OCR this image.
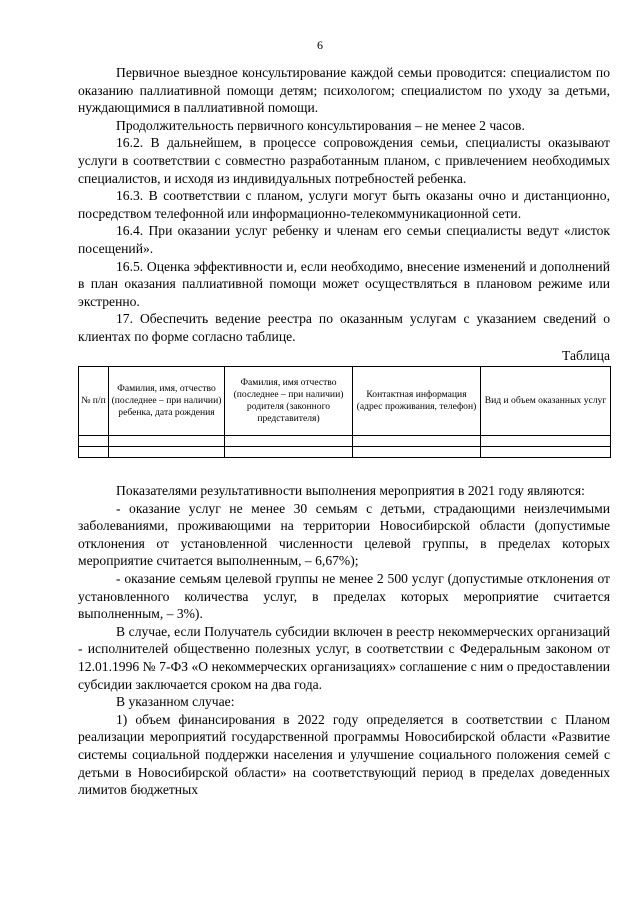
6

Первичное выездное консультирование каждой семьи проводится: специалистом по оказанию паллиативной помощи детям; психологом; специалистом по уходу за детьми, нуждающимися в паллиативной помощи.

Продолжительность первичного консультирования – не менее 2 часов.

16.2. В дальнейшем, в процессе сопровождения семьи, специалисты оказывают услуги в соответствии с совместно разработанным планом, с привлечением необходимых специалистов, и исходя из индивидуальных потребностей ребенка.

16.3. В соответствии с планом, услуги могут быть оказаны очно и дистанционно, посредством телефонной или информационно-телекоммуникационной сети.

16.4. При оказании услуг ребенку и членам его семьи специалисты ведут «листок посещений».

16.5. Оценка эффективности и, если необходимо, внесение изменений и дополнений в план оказания паллиативной помощи может осуществляться в плановом режиме или экстренно.

17. Обеспечить ведение реестра по оказанным услугам с указанием сведений о клиентах по форме согласно таблице.

Таблица
№ п/п	Фамилия, имя, отчество (последнее – при наличии) ребенка, дата рождения	Фамилия, имя отчество (последнее – при наличии) родителя (законного представителя)	Контактная информация (адрес проживания, телефон)	Вид и объем оказанных услуг

Показателями результативности выполнения мероприятия в 2021 году являются:

- оказание услуг не менее 30 семьям с детьми, страдающими неизлечимыми заболеваниями, проживающими на территории Новосибирской области (допустимые отклонения от установленной численности целевой группы, в пределах которых мероприятие считается выполненным, – 6,67%);

- оказание семьям целевой группы не менее 2 500 услуг (допустимые отклонения от установленного количества услуг, в пределах которых мероприятие считается выполненным, – 3%).

В случае, если Получатель субсидии включен в реестр некоммерческих организаций - исполнителей общественно полезных услуг, в соответствии с Федеральным законом от 12.01.1996 № 7-ФЗ «О некоммерческих организациях» соглашение с ним о предоставлении субсидии заключается сроком на два года.

В указанном случае:

1) объем финансирования в 2022 году определяется в соответствии с Планом реализации мероприятий государственной программы Новосибирской области «Развитие системы социальной поддержки населения и улучшение социального положения семей с детьми в Новосибирской области» на соответствующий период в пределах доведенных лимитов бюджетных
